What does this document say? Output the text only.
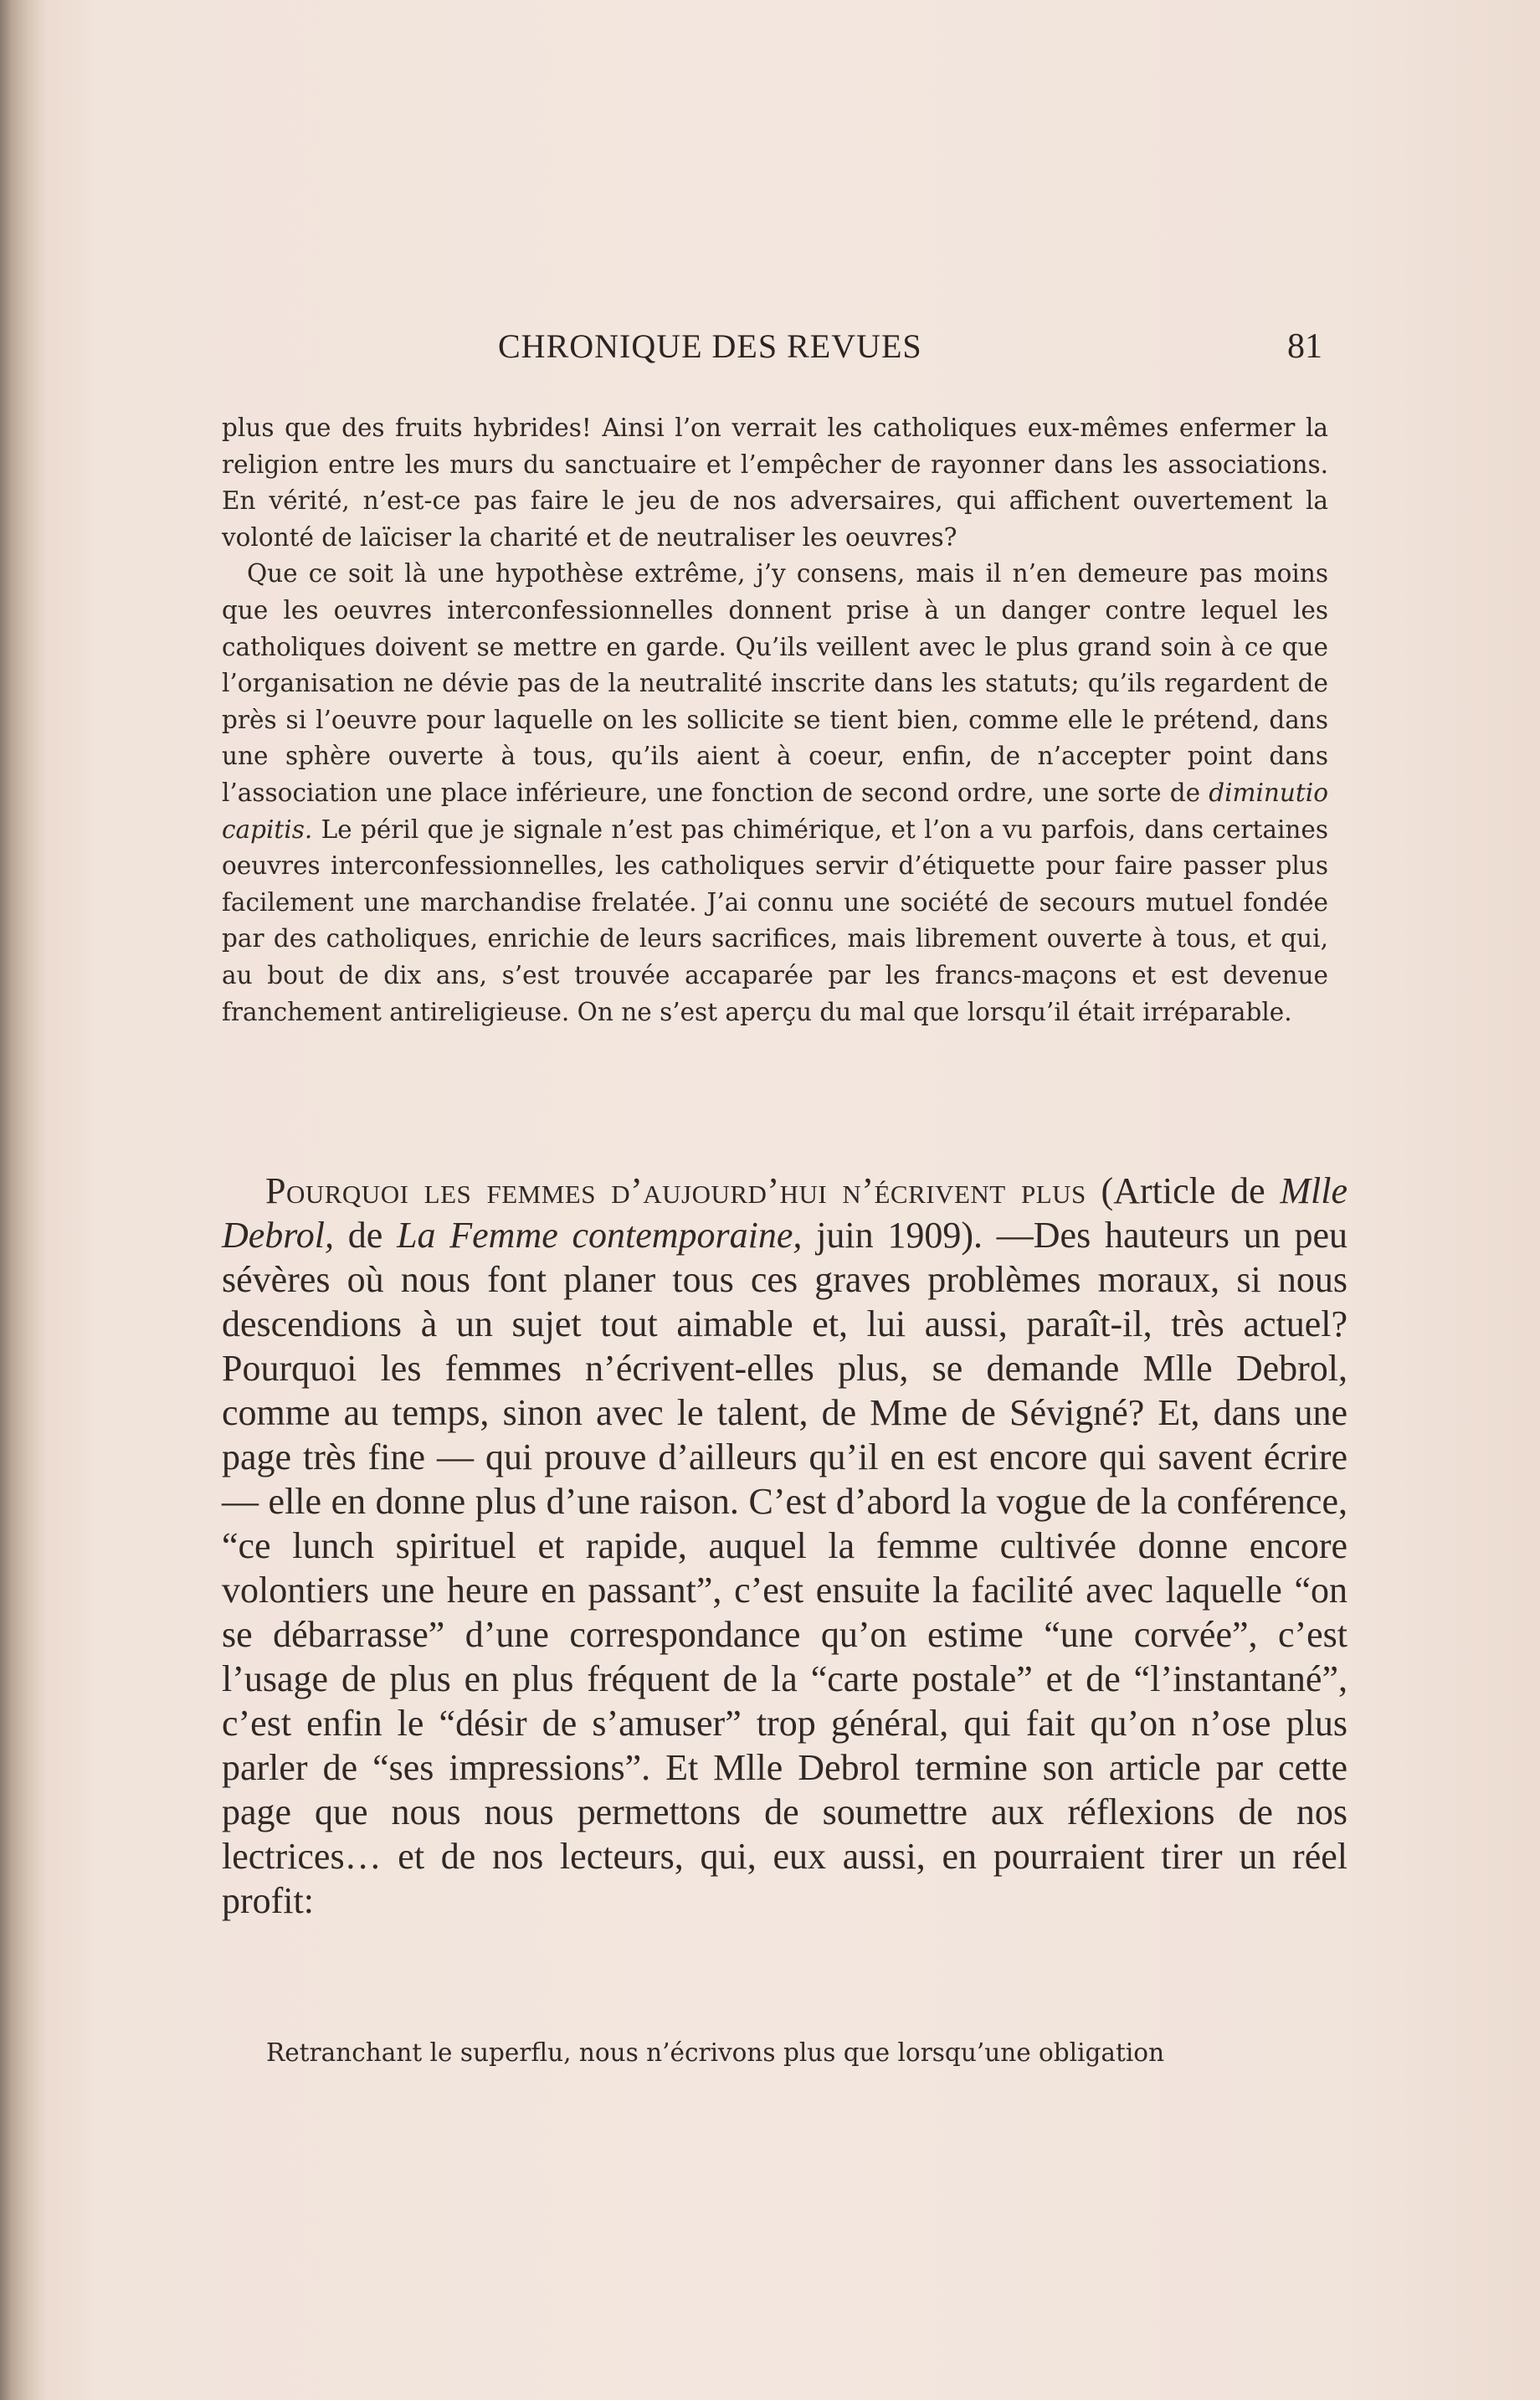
CHRONIQUE DES REVUES	81

plus que des fruits hybrides! Ainsi l’on verrait les catholiques eux-mêmes enfermer la religion entre les murs du sanctuaire et l’empêcher de rayonner dans les associations. En vérité, n’est-ce pas faire le jeu de nos adversaires, qui affichent ouvertement la volonté de laïciser la charité et de neutraliser les oeuvres?

Que ce soit là une hypothèse extrême, j’y consens, mais il n’en demeure pas moins que les oeuvres interconfessionnelles donnent prise à un danger contre lequel les catholiques doivent se mettre en garde. Qu’ils veillent avec le plus grand soin à ce que l’organisation ne dévie pas de la neutralité inscrite dans les statuts; qu’ils regardent de près si l’oeuvre pour laquelle on les sollicite se tient bien, comme elle le prétend, dans une sphère ouverte à tous, qu’ils aient à coeur, enfin, de n’accepter point dans l’association une place inférieure, une fonction de second ordre, une sorte de diminutio capitis. Le péril que je signale n’est pas chimérique, et l’on a vu parfois, dans certaines oeuvres interconfessionnelles, les catholiques servir d’étiquette pour faire passer plus facilement une marchandise frelatée. J’ai connu une société de secours mutuel fondée par des catholiques, enrichie de leurs sacrifices, mais librement ouverte à tous, et qui, au bout de dix ans, s’est trouvée accaparée par les francs-maçons et est devenue franchement antireligieuse. On ne s’est aperçu du mal que lorsqu’il était irréparable.

Pourquoi les femmes d’aujourd’hui n’écrivent plus (Article de Mlle Debrol, de La Femme contemporaine, juin 1909). —Des hauteurs un peu sévères où nous font planer tous ces graves problèmes moraux, si nous descendions à un sujet tout aimable et, lui aussi, paraît-il, très actuel? Pourquoi les femmes n’écrivent-elles plus, se demande Mlle Debrol, comme au temps, sinon avec le talent, de Mme de Sévigné? Et, dans une page très fine — qui prouve d’ailleurs qu’il en est encore qui savent écrire — elle en donne plus d’une raison. C’est d’abord la vogue de la conférence, “ce lunch spirituel et rapide, auquel la femme cultivée donne encore volontiers une heure en passant”, c’est ensuite la facilité avec laquelle “on se débarrasse” d’une correspondance qu’on estime “une corvée”, c’est l’usage de plus en plus fréquent de la “carte postale” et de “l’instantané”, c’est enfin le “désir de s’amuser” trop général, qui fait qu’on n’ose plus parler de “ses impressions”. Et Mlle Debrol termine son article par cette page que nous nous permettons de soumettre aux réflexions de nos lectrices… et de nos lecteurs, qui, eux aussi, en pourraient tirer un réel profit:

Retranchant le superflu, nous n’écrivons plus que lorsqu’une obligation
